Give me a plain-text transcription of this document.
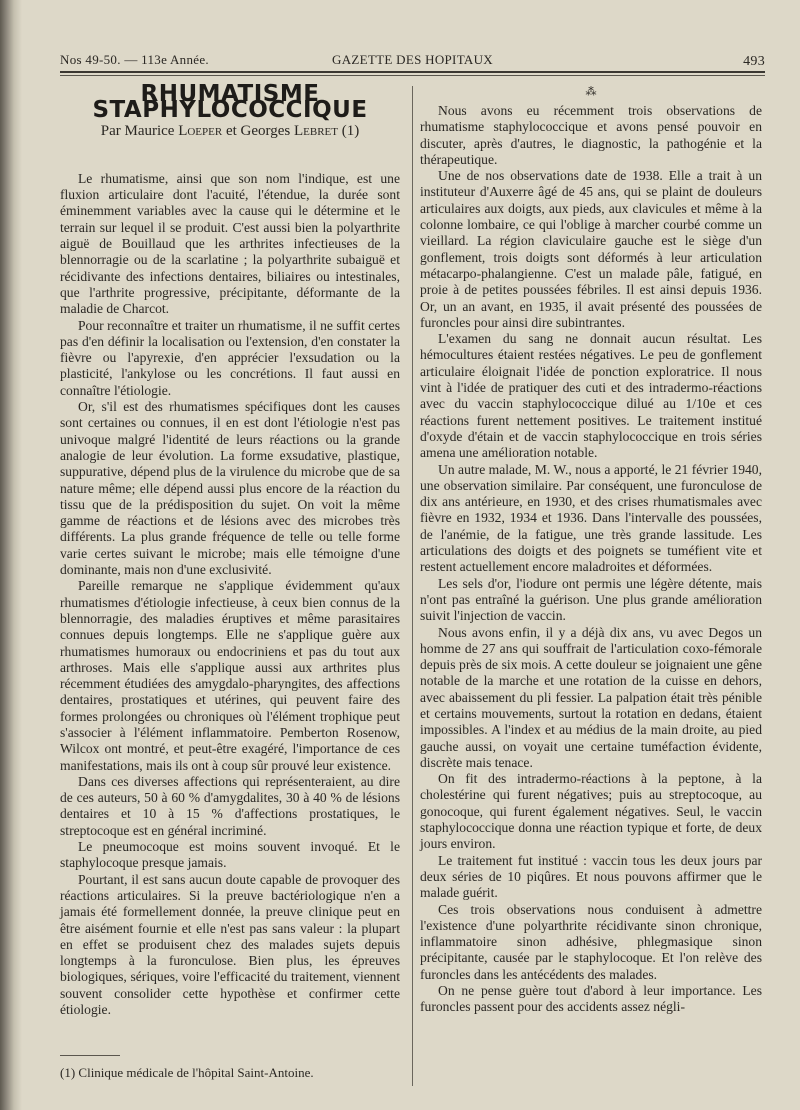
Nos 49-50. — 113e Année.	GAZETTE DES HOPITAUX	493
RHUMATISME STAPHYLOCOCCIQUE
Par Maurice Loeper et Georges Lebret (1)

Le rhumatisme, ainsi que son nom l'indique, est une fluxion articulaire dont l'acuité, l'étendue, la durée sont éminemment variables avec la cause qui le détermine et le terrain sur lequel il se produit. C'est aussi bien la polyarthrite aiguë de Bouillaud que les arthrites infectieuses de la blennorragie ou de la scarlatine ; la polyarthrite subaiguë et récidivante des infections dentaires, biliaires ou intestinales, que l'arthrite progressive, précipitante, déformante de la maladie de Charcot.

Pour reconnaître et traiter un rhumatisme, il ne suffit certes pas d'en définir la localisation ou l'extension, d'en constater la fièvre ou l'apyrexie, d'en apprécier l'exsudation ou la plasticité, l'ankylose ou les concrétions. Il faut aussi en connaître l'étiologie.

Or, s'il est des rhumatismes spécifiques dont les causes sont certaines ou connues, il en est dont l'étiologie n'est pas univoque malgré l'identité de leurs réactions ou la grande analogie de leur évolution. La forme exsudative, plastique, suppurative, dépend plus de la virulence du microbe que de sa nature même; elle dépend aussi plus encore de la réaction du tissu que de la prédisposition du sujet. On voit la même gamme de réactions et de lésions avec des microbes très différents. La plus grande fréquence de telle ou telle forme varie certes suivant le microbe; mais elle témoigne d'une dominante, mais non d'une exclusivité.

Pareille remarque ne s'applique évidemment qu'aux rhumatismes d'étiologie infectieuse, à ceux bien connus de la blennorragie, des maladies éruptives et même parasitaires connues depuis longtemps. Elle ne s'applique guère aux rhumatismes humoraux ou endocriniens et pas du tout aux arthroses. Mais elle s'applique aussi aux arthrites plus récemment étudiées des amygdalo-pharyngites, des affections dentaires, prostatiques et utérines, qui peuvent faire des formes prolongées ou chroniques où l'élément trophique peut s'associer à l'élément inflammatoire. Pemberton Rosenow, Wilcox ont montré, et peut-être exagéré, l'importance de ces manifestations, mais ils ont à coup sûr prouvé leur existence.

Dans ces diverses affections qui représenteraient, au dire de ces auteurs, 50 à 60 % d'amygdalites, 30 à 40 % de lésions dentaires et 10 à 15 % d'affections prostatiques, le streptocoque est en général incriminé.

Le pneumocoque est moins souvent invoqué. Et le staphylocoque presque jamais.

Pourtant, il est sans aucun doute capable de provoquer des réactions articulaires. Si la preuve bactériologique n'en a jamais été formellement donnée, la preuve clinique peut en être aisément fournie et elle n'est pas sans valeur : la plupart en effet se produisent chez des malades sujets depuis longtemps à la furonculose. Bien plus, les épreuves biologiques, sériques, voire l'efficacité du traitement, viennent souvent consolider cette hypothèse et confirmer cette étiologie.

(1) Clinique médicale de l'hôpital Saint-Antoine.
⁂

Nous avons eu récemment trois observations de rhumatisme staphylococcique et avons pensé pouvoir en discuter, après d'autres, le diagnostic, la pathogénie et la thérapeutique.

Une de nos observations date de 1938. Elle a trait à un instituteur d'Auxerre âgé de 45 ans, qui se plaint de douleurs articulaires aux doigts, aux pieds, aux clavicules et même à la colonne lombaire, ce qui l'oblige à marcher courbé comme un vieillard. La région claviculaire gauche est le siège d'un gonflement, trois doigts sont déformés à leur articulation métacarpo-phalangienne. C'est un malade pâle, fatigué, en proie à de petites poussées fébriles. Il est ainsi depuis 1936. Or, un an avant, en 1935, il avait présenté des poussées de furoncles pour ainsi dire subintrantes.

L'examen du sang ne donnait aucun résultat. Les hémocultures étaient restées négatives. Le peu de gonflement articulaire éloignait l'idée de ponction exploratrice. Il nous vint à l'idée de pratiquer des cuti et des intradermo-réactions avec du vaccin staphylococcique dilué au 1/10e et ces réactions furent nettement positives. Le traitement institué d'oxyde d'étain et de vaccin staphylococcique en trois séries amena une amélioration notable.

Un autre malade, M. W., nous a apporté, le 21 février 1940, une observation similaire. Par conséquent, une furonculose de dix ans antérieure, en 1930, et des crises rhumatismales avec fièvre en 1932, 1934 et 1936. Dans l'intervalle des poussées, de l'anémie, de la fatigue, une très grande lassitude. Les articulations des doigts et des poignets se tuméfient vite et restent actuellement encore maladroites et déformées.

Les sels d'or, l'iodure ont permis une légère détente, mais n'ont pas entraîné la guérison. Une plus grande amélioration suivit l'injection de vaccin.

Nous avons enfin, il y a déjà dix ans, vu avec Degos un homme de 27 ans qui souffrait de l'articulation coxo-fémorale depuis près de six mois. A cette douleur se joignaient une gêne notable de la marche et une rotation de la cuisse en dehors, avec abaissement du pli fessier. La palpation était très pénible et certains mouvements, surtout la rotation en dedans, étaient impossibles. A l'index et au médius de la main droite, au pied gauche aussi, on voyait une certaine tuméfaction évidente, discrète mais tenace.

On fit des intradermo-réactions à la peptone, à la cholestérine qui furent négatives; puis au streptocoque, au gonocoque, qui furent également négatives. Seul, le vaccin staphylococcique donna une réaction typique et forte, de deux jours environ.

Le traitement fut institué : vaccin tous les deux jours par deux séries de 10 piqûres. Et nous pouvons affirmer que le malade guérit.

Ces trois observations nous conduisent à admettre l'existence d'une polyarthrite récidivante sinon chronique, inflammatoire sinon adhésive, phlegmasique sinon précipitante, causée par le staphylocoque. Et l'on relève des furoncles dans les antécédents des malades.

On ne pense guère tout d'abord à leur importance. Les furoncles passent pour des accidents assez négli-
